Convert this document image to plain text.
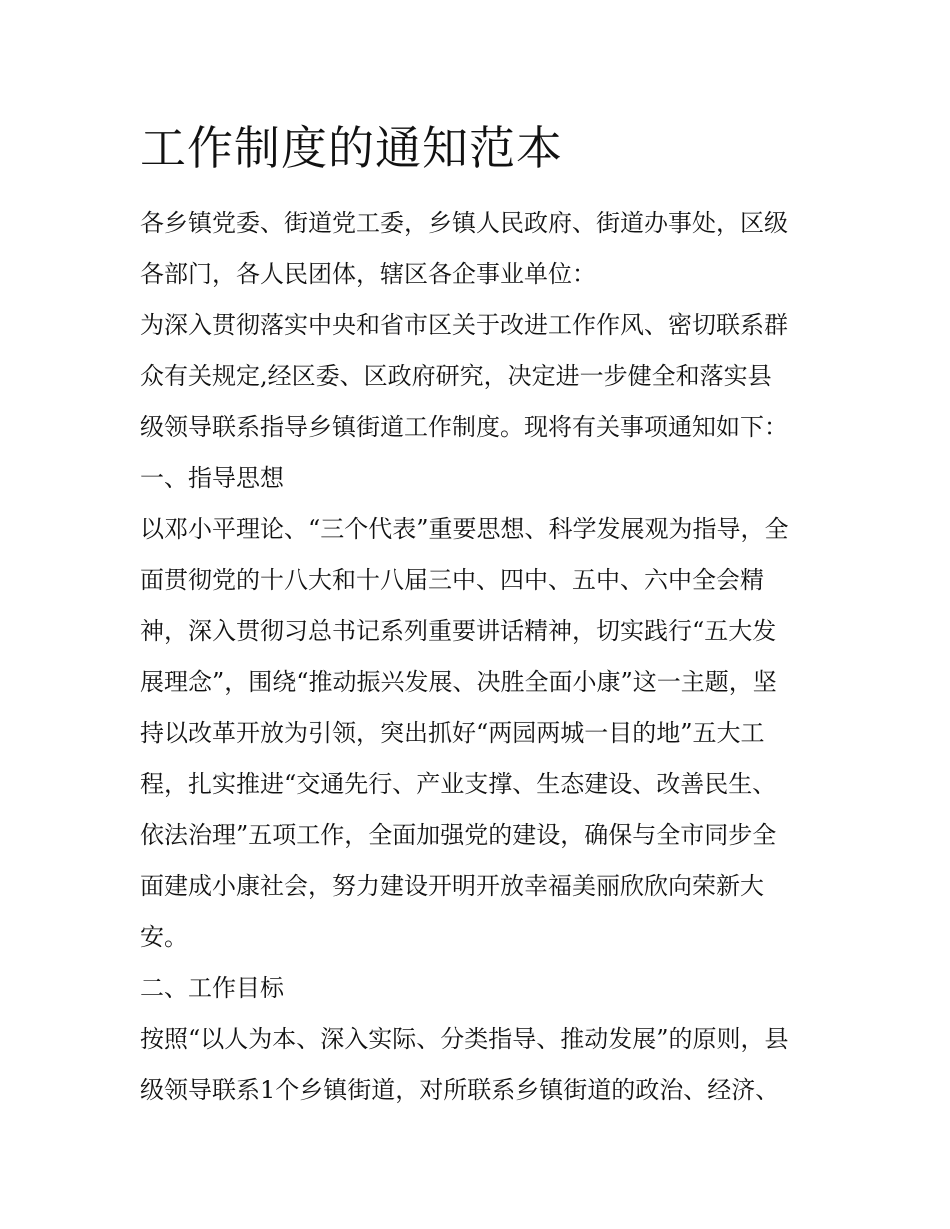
工作制度的通知范本

各乡镇党委、街道党工委，乡镇人民政府、街道办事处，区级
各部门，各人民团体，辖区各企事业单位：

为深入贯彻落实中央和省市区关于改进工作作风、密切联系群
众有关规定,经区委、区政府研究，决定进一步健全和落实县
级领导联系指导乡镇街道工作制度。现将有关事项通知如下：

一、指导思想

以邓小平理论、“三个代表”重要思想、科学发展观为指导，全
面贯彻党的十八大和十八届三中、四中、五中、六中全会精
神，深入贯彻习总书记系列重要讲话精神，切实践行“五大发
展理念”，围绕“推动振兴发展、决胜全面小康”这一主题，坚
持以改革开放为引领，突出抓好“两园两城一目的地”五大工
程，扎实推进“交通先行、产业支撑、生态建设、改善民生、
依法治理”五项工作，全面加强党的建设，确保与全市同步全
面建成小康社会，努力建设开明开放幸福美丽欣欣向荣新大
安。

二、工作目标

按照“以人为本、深入实际、分类指导、推动发展”的原则，县
级领导联系1个乡镇街道，对所联系乡镇街道的政治、经济、
